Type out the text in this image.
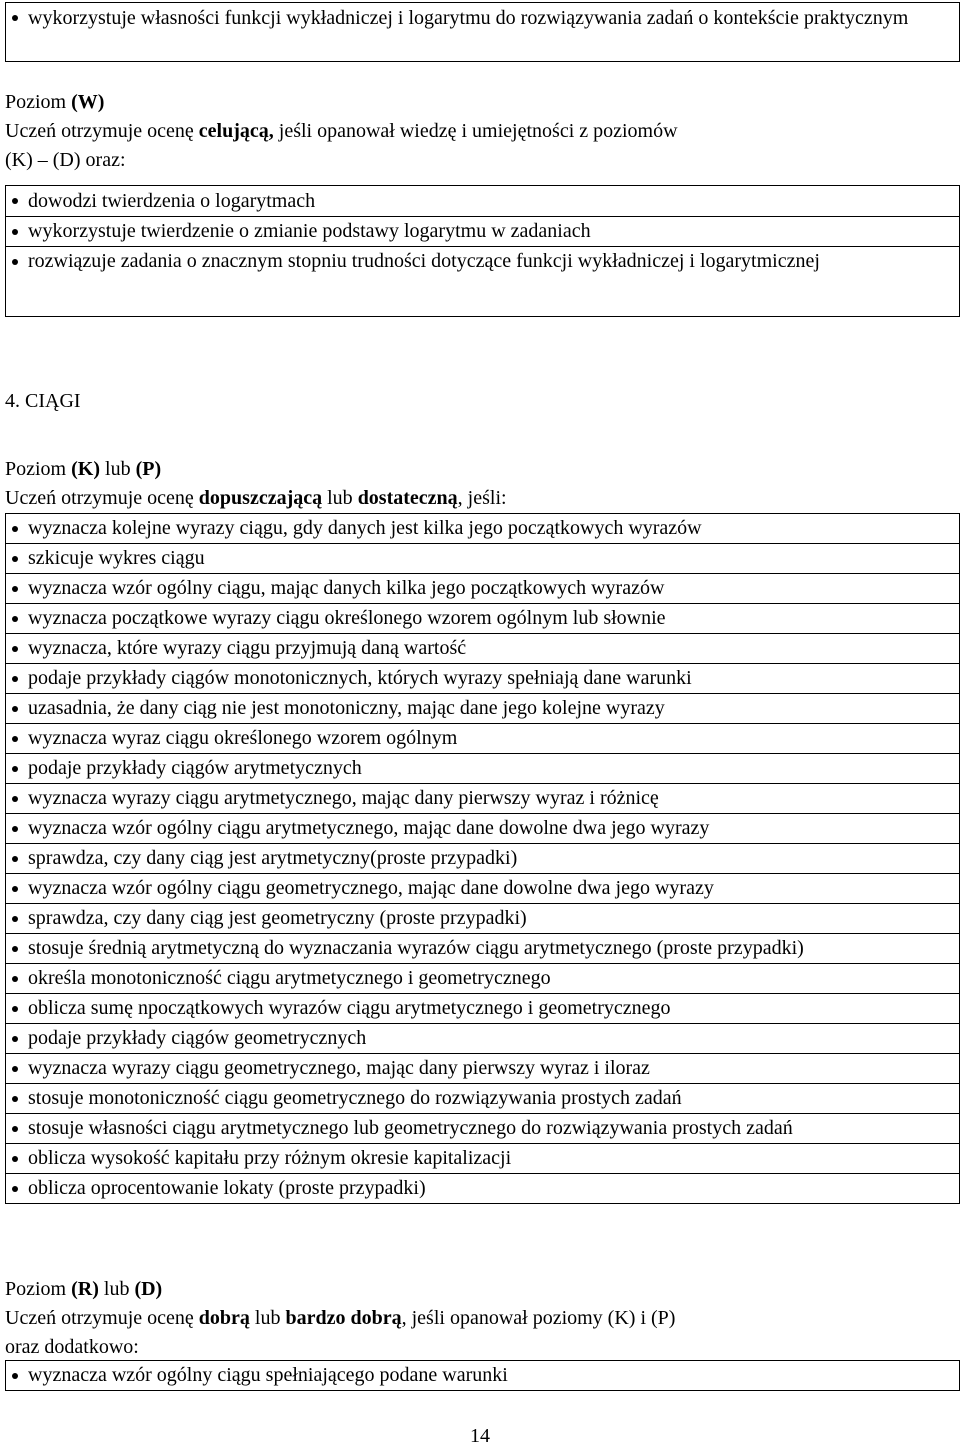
wykorzystuje własności funkcji wykładniczej i logarytmu do rozwiązywania zadań o kontekście praktycznym

Poziom (W)

Uczeń otrzymuje ocenę celującą, jeśli opanował wiedzę i umiejętności z poziomów

(K) – (D) oraz:

dowodzi twierdzenia o logarytmach
wykorzystuje twierdzenie o zmianie podstawy logarytmu w zadaniach
rozwiązuje zadania o znacznym stopniu trudności dotyczące funkcji wykładniczej i logarytmicznej

4. CIĄGI

Poziom (K) lub (P)

Uczeń otrzymuje ocenę dopuszczającą lub dostateczną, jeśli:

wyznacza kolejne wyrazy ciągu, gdy danych jest kilka jego początkowych wyrazów
szkicuje wykres ciągu
wyznacza wzór ogólny ciągu, mając danych kilka jego początkowych wyrazów
wyznacza początkowe wyrazy ciągu określonego wzorem ogólnym lub słownie
wyznacza, które wyrazy ciągu przyjmują daną wartość
podaje przykłady ciągów monotonicznych, których wyrazy spełniają dane warunki
uzasadnia, że dany ciąg nie jest monotoniczny, mając dane jego kolejne wyrazy
wyznacza wyraz ciągu określonego wzorem ogólnym
podaje przykłady ciągów arytmetycznych
wyznacza wyrazy ciągu arytmetycznego, mając dany pierwszy wyraz i różnicę
wyznacza wzór ogólny ciągu arytmetycznego, mając dane dowolne dwa jego wyrazy
sprawdza, czy dany ciąg jest arytmetyczny(proste przypadki)
wyznacza wzór ogólny ciągu geometrycznego, mając dane dowolne dwa jego wyrazy
sprawdza, czy dany ciąg jest geometryczny (proste przypadki)
stosuje średnią arytmetyczną do wyznaczania wyrazów ciągu arytmetycznego (proste przypadki)
określa monotoniczność ciągu arytmetycznego i geometrycznego
oblicza sumę npoczątkowych wyrazów ciągu arytmetycznego i geometrycznego
podaje przykłady ciągów geometrycznych
wyznacza wyrazy ciągu geometrycznego, mając dany pierwszy wyraz i iloraz
stosuje monotoniczność ciągu geometrycznego do rozwiązywania prostych zadań
stosuje własności ciągu arytmetycznego lub geometrycznego do rozwiązywania prostych zadań
oblicza wysokość kapitału przy różnym okresie kapitalizacji
oblicza oprocentowanie lokaty (proste przypadki)

Poziom (R) lub (D)

Uczeń otrzymuje ocenę dobrą lub bardzo dobrą, jeśli opanował poziomy (K) i (P)

oraz dodatkowo:

wyznacza wzór ogólny ciągu spełniającego podane warunki
14
